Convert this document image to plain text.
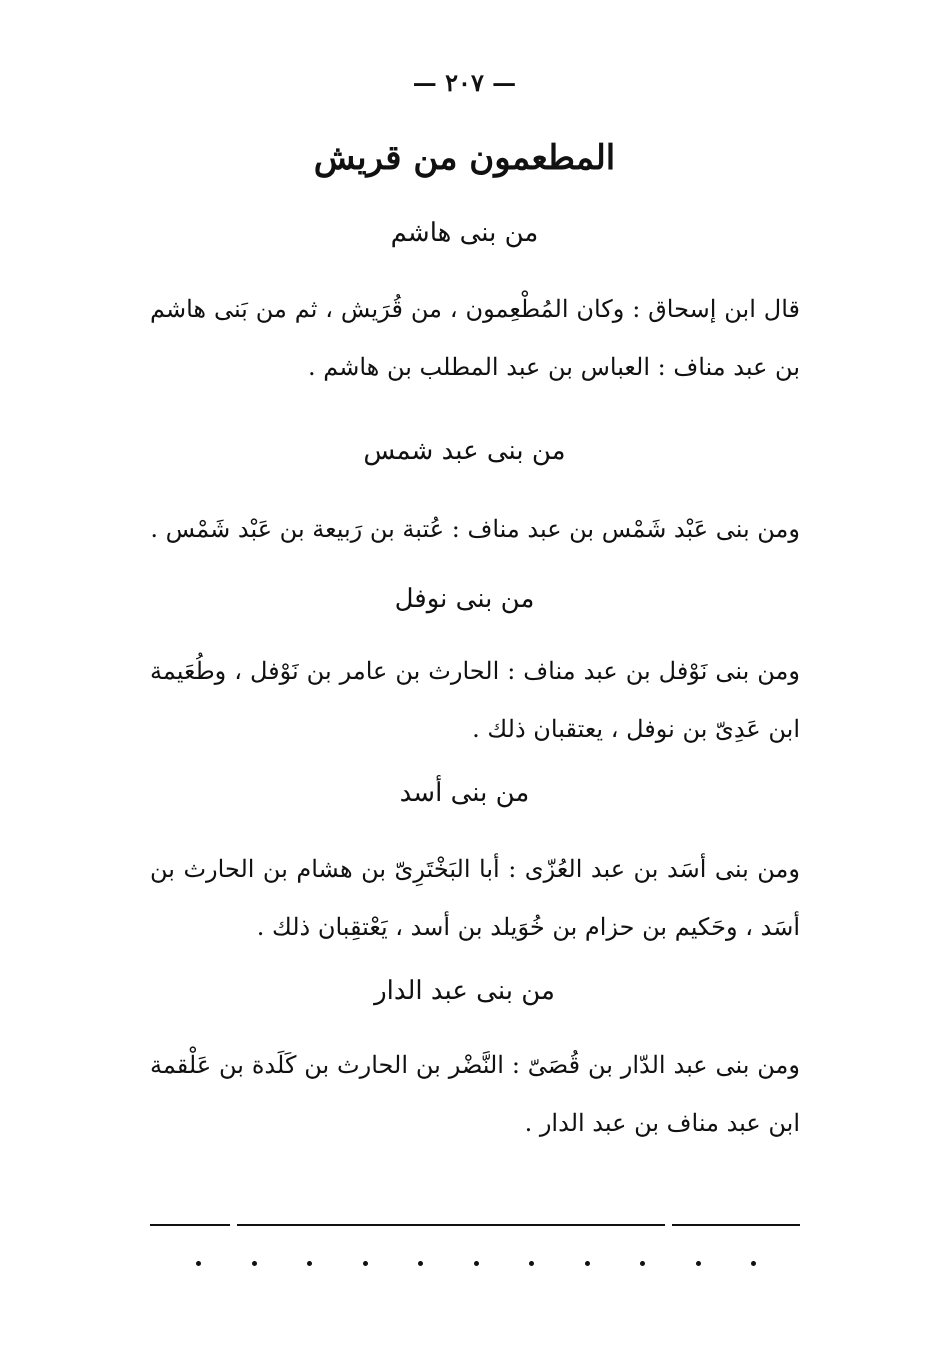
— ٢٠٧ —
المطعمون من قريش
من بنى هاشم
قال ابن إسحاق : وكان المُطْعِمون ، من قُرَيش ، ثم من بَنى هاشم بن عبد مناف : العباس بن عبد المطلب بن هاشم .
من بنى عبد شمس
ومن بنى عَبْد شَمْس بن عبد مناف : عُتبة بن رَبيعة بن عَبْد شَمْس .
من بنى نوفل
ومن بنى نَوْفل بن عبد مناف : الحارث بن عامر بن نَوْفل ، وطُعَيمة ابن عَدِىّ بن نوفل ، يعتقبان ذلك .
من بنى أسد
ومن بنى أسَد بن عبد العُزّى : أبا البَخْتَرِىّ بن هشام بن الحارث بن أسَد ، وحَكيم بن حزام بن خُوَيلد بن أسد ، يَعْتقِبان ذلك .
من بنى عبد الدار
ومن بنى عبد الدّار بن قُصَىّ : النَّضْر بن الحارث بن كَلَدة بن عَلْقمة ابن عبد مناف بن عبد الدار .
